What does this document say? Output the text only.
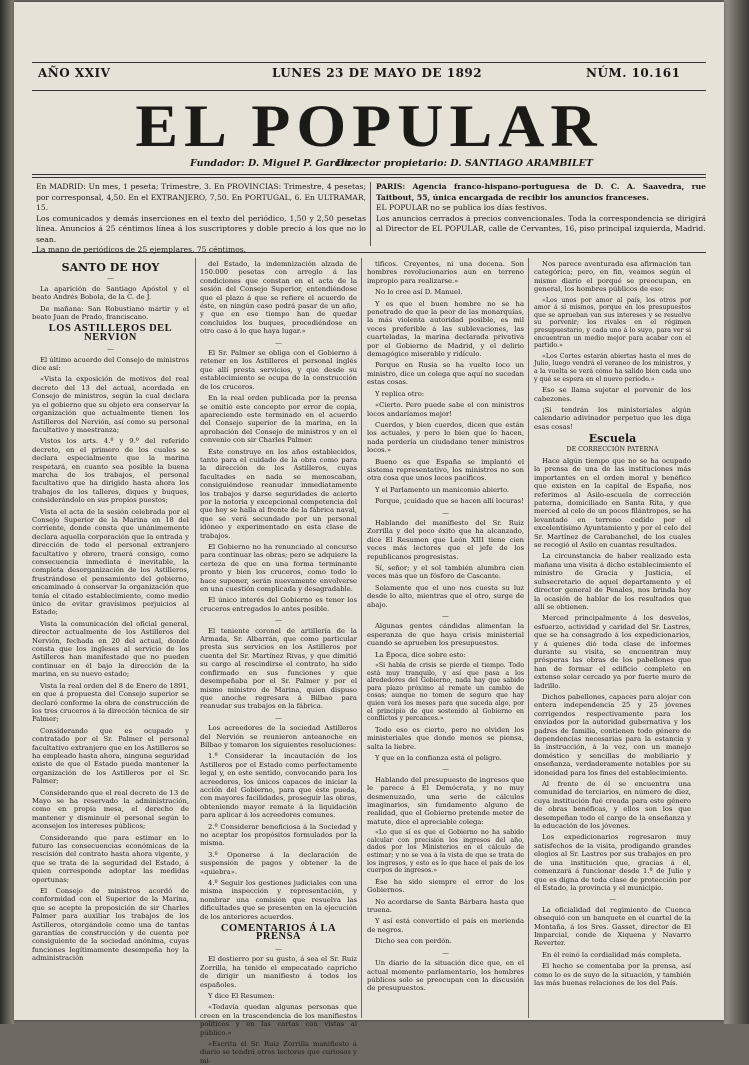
AÑO XXIV	LUNES 23 DE MAYO DE 1892	NÚM. 10.161
EL POPULAR
Fundador: D. Miguel P. García.
Director propietario: D. SANTIAGO ARAMBILET
En MADRID: Un mes, 1 peseta; Trimestre, 3. En PROVINCIAS: Trimestre, 4 pesetas; por corresponsal, 4,50. En el EXTRANJERO, 7,50. En PORTUGAL, 6. En ULTRAMAR, 15.
Los comunicados y demás inserciones en el texto del periódico, 1,50 y 2,50 pesetas línea. Anuncios á 25 céntimos línea á los suscriptores y doble precio á los que no lo sean.
La mano de periódicos de 25 ejemplares, 75 céntimos.
PARIS: Agencia franco-hispano-portuguesa de D. C. A. Saavedra, rue Taitbout, 55, única encargada de recibir los anuncios franceses.
EL POPULAR no se publica los días festivos.
Los anuncios cerrados á precios convencionales. Toda la correspondencia se dirigirá al Director de EL POPULAR, calle de Cervantes, 16, piso principal izquierda, Madrid.
SANTO DE HOY
—

La aparición de Santiago Apóstol y el beato Andrés Bobola, de la C. de J.

De mañana: San Robustiano mártir y el beato Juan de Prado, franciscano.

LOS ASTILLEROS DEL NERVIÓN
—

El último acuerdo del Consejo de ministros dice así:

«Vista la exposición de motivos del real decreto del 13 del actual, acordada en Consejo de ministros, según la cual declara ya el gobierno que su objeto era conservar la organización que actualmente tienen los Astilleros del Nervión, así como su personal facultativo y maestranza;

Vistos los arts. 4.º y 9.º del referido decreto, en el primero de los cuales se declara especialmente que la marina respetará, en cuanto sea posible la buena marcha de los trabajos, el personal facultativo que ha dirigido hasta ahora los trabajos de los talleres, diques y buques, considerándolo en sus propios puestos;

Vista el acta de la sesión celebrada por el Consejo Superior de la Marina en 18 del corriente, donde consta que unánimemente declara aquella corporación que la entrada y dirección de todo el personal extranjero facultativo y obrero, traerá consigo, como consecuencia inmediata é inevitable, la completa desorganización de los Astilleros, frustrándose el pensamiento del gobierno, encaminado á conservar la organización que tenía el citado establecimiento, como medio único de evitar gravísimos perjuicios al Estado;

Vista la comunicación del oficial general, director actualmente de los Astilleros del Nervión, fechada en 20 del actual, donde consta que los ingleses al servicio de los Astilleros han manifestado que no pueden continuar en él bajo la dirección de la marina, en su nuevo estado;

Vista la real orden del 8 de Enero de 1891, en que á propuesta del Consejo superior se declaró conforme la obra de construcción de los tres cruceros á la dirección técnica de sir Palmer;

Considerando que es ocupado y contratado por el Sr. Palmer el personal facultativo extranjero que en los Astilleros se ha empleado hasta ahora, ninguna seguridad existe de que el Estado pueda mantener la organización de los Astilleros por el Sr. Palmer;

Considerando que el real decreto de 13 de Mayo se ha reservado la administración, como en propia mesa, el derecho de mantener y disminuir el personal según lo aconsejen los intereses públicos;

Considerando que para estimar en lo futuro las consecuencias económicas de la rescisión del contrato hasta ahora vigente, y que se trata de la seguridad del Estado, á quien corresponde adoptar las medidas oportunas;

El Consejo de ministros acordó de conformidad con el Superior de la Marina, que se acepte la proposición de sir Charles Palmer para auxiliar los trabajos de los Astilleros, otorgándole como una de tantas garantías de construcción y de cuenta por consiguiente de la sociedad anónima, cuyas funciones legítimamente desempeña hoy la administración

del Estado, la indemnización alzada de 150.000 pesetas con arreglo á las condiciones que constan en el acta de la sesión del Consejo Superior, entendiéndose que el plazo á que se refiere el acuerdo de éste, en ningún caso podrá pasar de un año, y que en ese tiempo han de quedar concluidos los buques, procediéndose en otro caso á lo que haya lugar.»

—

El Sr. Palmer se obliga con el Gobierno á retener en los Astilleros el personal inglés que allí presta servicios, y que desde su establecimiento se ocupa de la construcción de los cruceros.

En la real orden publicada por la prensa se omitió este concepto por error de copia, apareciendo este terminado en el acuerdo del Consejo superior de la marina, en la aprobación del Consejo de ministros y en el convenio con sir Charles Palmer.

Éste construye en los años establecidos, tanto para el cuidado de la obra como para la dirección de los Astilleros, cuyas facultades en nada se menoscaban, consiguiéndose reanudar inmediatamente los trabajos y darse seguridades de acierto por la notoria y excepcional competencia del que hoy se halla al frente de la fábrica naval, que se verá secundado por un personal idóneo y experimentado en esta clase de trabajos.

El Gobierno no ha renunciado al concurso para continuar las obras; pero se adquiere la certeza de que en una forma terminante pronto y bien los cruceros, como todo lo hace suponer, serán nuevamente envolverse en una cuestión complicada y desagradable.

El único interés del Gobierno es tener los cruceros entregados lo antes posible.

—

El teniente coronel de artillería de la Armada, Sr. Albarrán, que como particular presta sus servicios en los Astilleros por cuenta del Sr. Martínez Rivas, y que dimitió su cargo al rescindirse el contrato, ha sido confirmado en sus funciones y que desempeñaba por el Sr. Palmer y por el mismo ministro de Marina, quien dispuso que anoche regresara á Bilbao para reanudar sus trabajos en la fábrica.

—

Los acreedores de la sociedad Astilleros del Nervión se reunieron anteanoche en Bilbao y tomaron los siguientes resoluciones:

1.º Considerar la incautación de los Astilleros por el Estado como perfectamente legal y, en este sentido, convocando para los acreedores, los únicos capaces de iniciar la acción del Gobierno, para que éste pueda, con mayores facilidades, proseguir las obras, obteniendo mayor remate á la liquidación para aplicar á los acreedores comunes.

2.º Considerar beneficiosa á la Sociedad y no aceptar los propósitos formulados por la misma.

3.º Oponerse á la declaración de suspensión de pagos y obtener la de «quiebra».

4.º Seguir los gestiones judiciales con una misma inspección y representación, y nombrar una comisión que resuelva las dificultades que se presenten en la ejecución de los anteriores acuerdos.

COMENTARIOS Á LA PRENSA
—

El destierro por su gusto, á sea el Sr. Ruiz Zorrilla, ha tenido el empecatado capricho de dirigir un manifiesto á todos los españoles.

Y dice El Resumen:

«Todavía quedan algunas personas que creen en la trascendencia de los manifiestos políticos y en las cartas con vistas al público.»

«Escrita el Sr. Ruiz Zorrilla manifiesto á diario se tendrá otros lectores que curiosos y mi-

tificos. Creyentes, ni una docena. Son hombres revolucionarios aun en terreno impropio para realizarse.»

No lo cree así D. Manuel.

Y es que el buen hombre no se ha penetrado de que la peor de las monarquías, la más violenta autoridad posible, es mil veces preferible á las sublevaciones, las cuarteladas, la marina declarada privativa por el Gobierno de Madrid, y el delirio demagógico miserable y ridículo.

Porque en Rusia se ha vuelto loco un ministro, dice un colega que aquí no sucedan estas cosas.

Y replica otro:

«Cierto. Pero puede sabe el con ministros locos andaríamos mejor!

Cuerdos, y bien cuerdos, dicen que están los actuales, y pero lo bien que lo hacen, nada perdería un ciudadano tener ministros locos.»

Bueno es que España se implantó el sistema representativo, los ministros no son otra cosa que unos locos pacíficos.

Y el Parlamento un manicomio abierto.

Porque, ¡cuidado que se hacen allí locuras!

—

Hablando del manifiesto del Sr. Ruiz Zorrilla y del poco éxito que ha alcanzado, dice El Resumen que León XIII tiene cien veces más lectores que el jefe de los republicanos progresistas.

Sí, señor; y el sol también alumbra cien veces más que un fósforo de Cascante.

Solamente que el uno nos cuesta su luz desde lo alto, mientras que el otro, surge de abajo.

—

Algunas gentes cándidas alimentan la esperanza de que haya crisis ministerial cuando se aprueben los presupuestos.

La Época, dice sobre esto:

«Si habla de crisis se pierde el tiempo. Todo está muy tranquilo, y así que pasa a los alrededores del Gobierno, nada hay que sabido para plazo próximo al remate un cambio de cosas; aunque no tomen de seguro que hay quien verá los meses para que suceda algo, por el principio de que sostenido al Gobierno en conflictos y percances.»

Todo eso es cierto, pero no olviden los ministeriales que donde menos se piensa, salta la liebre.

Y que en la confianza está el peligro.

—

Hablando del presupuesto de ingresos que le parece á El Demócrata, y no muy desmenuzado, una serie de cálculos imaginarios, sin fundamento alguno de realidad, que el Gobierno pretende meter de matute, dice el apreciable colega:

«Lo que sí es que el Gobierno no ha sabido calcular con precisión los ingresos del año, dados por los Ministerios en el cálculo de estimar; y no se vea á la vista de que se trata de los ingresos, y esto es lo que hace el país de los cuerpos de ingresos.»

Ése ha sido siempre el error de los Gobiernos.

No acordarse de Santa Bárbara hasta que truena.

Y así está convertido el país en merienda de negros.

Dicho sea con perdón.

—

Un diario de la situación dice que, en el actual momento parlamentario, los hombres públicos solo se preocupan con la discusión de presupuestos.

Nos parece aventurada esa afirmación tan categórica; pero, en fin, veamos según el mismo diario el porqué se preocupan, en general, los hombres públicos de eso:

«Los unos por amor al país, los otros por amor á sí mismos, porque en los presupuestos que se aprueban van sus intereses y se resuelve su porvenir; los rivales en el régimen presupuestario, y cada uno á lo suyo, para ver si encuentran un medio mejor para acabar con el partido.»

«Los Cortes estarán abiertas hasta el mes de Julio, luego vendrá el veraneo de los ministros, y a la vuelta se verá cómo ha salido bien cada uno y qué se espera en el nuevo período.»

Eso se llama sujetar el porvenir de los cabezones.

¡Si tendrán los ministeriales algún calendario adivinador perpetuo que les diga esas cosas!

Escuela
DE CORRECCIÓN PATERNA

Hace algún tiempo que no se ha ocupado la prensa de una de las instituciones más importantes en el orden moral y benéfico que existen en la capital de España, nos referimos al Asilo-escuela de corrección paterna, domiciliado en Santa Rita, y que merced al celo de un pocos filántropos, se ha levantado en terreno cedido por el excelentísimo Ayuntamiento y por el celo del Sr. Martínez de Carabanchel, de los cuales se recogió el Asilo en cuantas resultados.

La circunstancia de haber realizado esta mañana una visita á dicho establecimiento el ministro de Gracia y Justicia, el subsecretario de aquel departamento y el director general de Penales, nos brinda hoy la ocasión de hablar de los resultados que allí se obtienen.

Merced principalmente á los desvelos, esfuerzo, actividad y caridad del Sr. Lastres, que se ha consagrado á los expedicionarios, y á quienes dió toda clase de informes durante su visita, se encuentran muy prósperas las obras de los pabellones que han de formar el edificio completo en extenso solar cercado ya por fuerte muro de ladrillo.

Dichos pabellones, capaces para alojar con entera independencia 25 y 25 jóvenes corrigendos respectivamente para los enviados por la autoridad gubernativa y los padres de familia, contienen todo género de dependencias necesarias para la estancia y la instrucción, á la vez, con un manejo doméstico y sencillas de mobiliario y enseñanza, verdaderamente notables por su idoneidad para los fines del establecimiento.

Al frente de él se encuentra una comunidad de terciarios, en número de diez, cuya institución fué creada para este género de obras benéficas, y ellos son los que desempeñan todo el cargo de la enseñanza y la educación de los jóvenes.

Los expedicionarios regresaron muy satisfechos de la visita, prodigando grandes elogios al Sr. Lastres por sus trabajos en pro de una institución que, gracias á él, comenzará á funcionar desde 1.º de Julio y que es digna de toda clase de protección por el Estado, la provincia y el municipio.

—

La oficialidad del regimiento de Cuenca obsequió con un banquete en el cuartel de la Montaña, á los Sres. Gasset, director de El Imparcial, conde de Xiquena y Navarro Reverter.

En él reinó la cordialidad más completa.

El hecho se comentaba por la prensa, así como lo es de suyo de la situación, y también las más buenas relaciones de los del País.
